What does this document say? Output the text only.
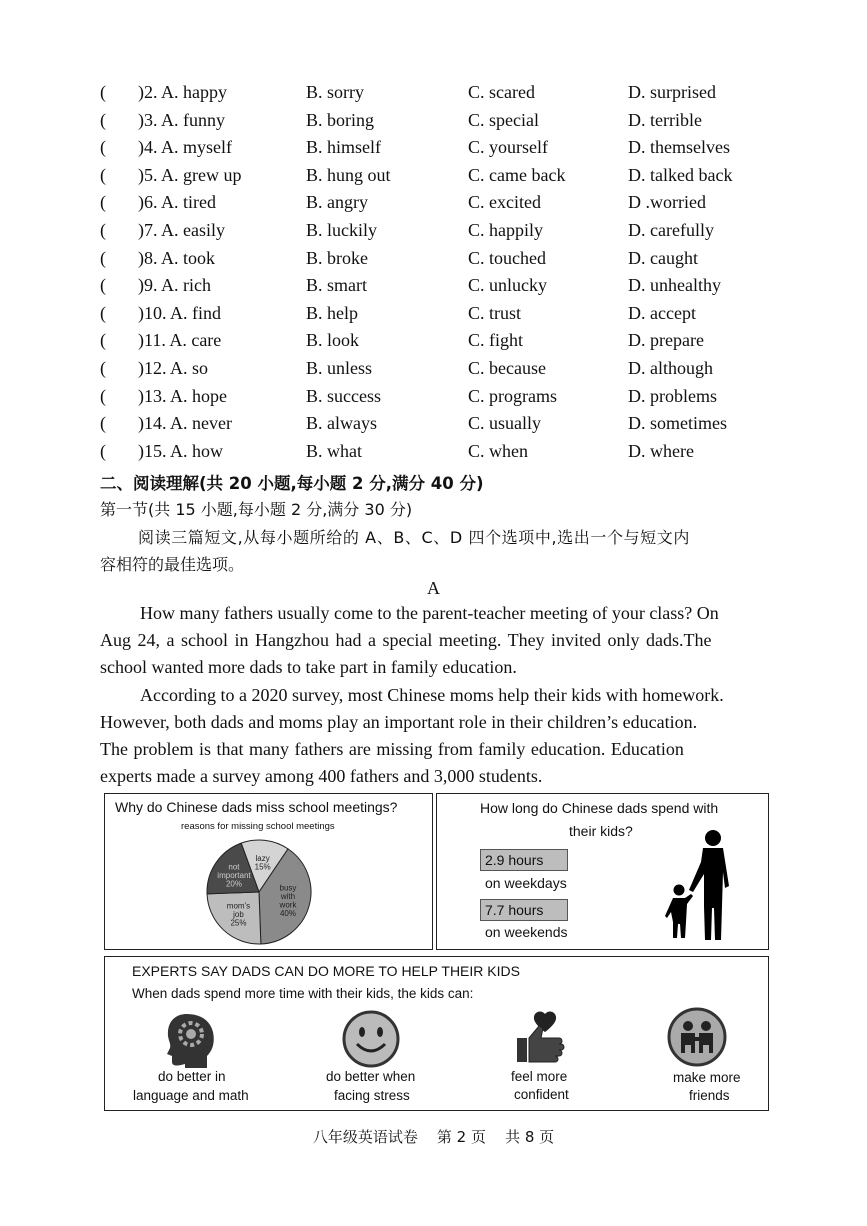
( )2. A. happy	B. sorry	C. scared	D. surprised
( )3. A. funny	B. boring	C. special	D. terrible
( )4. A. myself	B. himself	C. yourself	D. themselves
( )5. A. grew up	B. hung out	C. came back	D. talked back
( )6. A. tired	B. angry	C. excited	D .worried
( )7. A. easily	B. luckily	C. happily	D. carefully
( )8. A. took	B. broke	C. touched	D. caught
( )9. A. rich	B. smart	C. unlucky	D. unhealthy
( )10. A. find	B. help	C. trust	D. accept
( )11. A. care	B. look	C. fight	D. prepare
( )12. A. so	B. unless	C. because	D. although
( )13. A. hope	B. success	C. programs	D. problems
( )14. A. never	B. always	C. usually	D. sometimes
( )15. A. how	B. what	C. when	D. where
二、阅读理解(共 20 小题,每小题 2 分,满分 40 分)
第一节(共 15 小题,每小题 2 分,满分 30 分)
阅读三篇短文,从每小题所给的 A、B、C、D 四个选项中,选出一个与短文内
容相符的最佳选项。
A
How many fathers usually come to the parent-teacher meeting of your class? On
Aug 24, a school in Hangzhou had a special meeting. They invited only dads.The
school wanted more dads to take part in family education.
According to a 2020 survey, most Chinese moms help their kids with homework.
However, both dads and moms play an important role in their children’s education.
The problem is that many fathers are missing from family education. Education
experts made a survey among 400 fathers and 3,000 students.
Why do Chinese dads miss school meetings?
reasons for missing school meetings
lazy
15%
busy
with
work
40%
mom's
job
25%
not
important
20%
How long do Chinese dads spend with
their kids?
2.9 hours
on weekdays
7.7 hours
on weekends
EXPERTS SAY DADS CAN DO MORE TO HELP THEIR KIDS
When dads spend more time with their kids, the kids can:
do better in
language and math
do better when
facing stress
feel more
confident
make more
friends
八年级英语试卷    第 2 页    共 8 页
